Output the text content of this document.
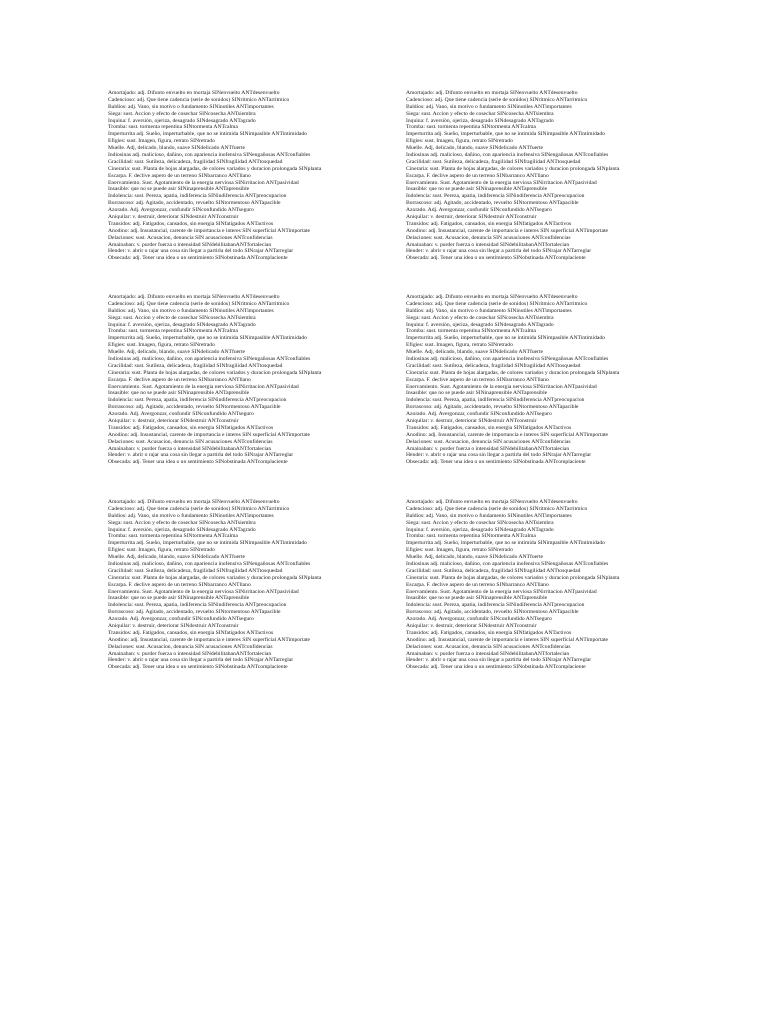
Amortajado: adj. Difunto envuelto en mortaja SINenvuelto ANTdesenvuelto
Cadencioso: adj. Que tiene cadencia (serie de sonidos) SINritmico ANTarritmico
Baldíos: adj. Vano, sin motivo o fundamento SINinutiles ANTimportantes
Siega: sust. Accion y efecto de cosechar SINcosecha ANTsiembra
Inquina: f. aversión, ojeriza, desagrado SINdesagrado ANTagrado
Tromba: sust. tormenta repentina SINtormenta ANTcalma
Imperturrita adj. Sueño, imperturbable, que no se intimida SINimpasible ANTintimidado
Efigies: sust. Imagen, figura, retrato SINretrado
Muelle. Adj, delicado, blando, suave SINdelicado ANTfuerte
Indiosinas adj. malicioso, dañino, con apariencia inofensiva SINengañosas ANTconfiables
Gracilidad: sust. Sutileza, delicadeza, fragilidad SINfragilidad ANTtosquedad
Cineraria: sust. Planta de hojas alargadas, de colores variados y duracion prolongada SINplanta
Escarpa. F. declive aspero de un terreno SINbarranco ANTllano
Enervamiento. Sust. Agotamiento de la energia nerviosa SINirritacion ANTpasividad
Insasible: que no se puede asir SINinaprensible ANTaprensible
Indolencia: sust. Pereza, apatia, indiferencia SINindiferencia ANTpreocupacion
Borrascoso: adj. Agitado, accidentado, revuelto SINtormentoso ANTapacible
Azorado. Adj. Avergonzar, confundir SINconfundido ANTseguro
Aniquilar: v. destruir, deteriorar SINdestruir ANTconstruir
Transidos: adj. Fatigados, cansados, sin energia SINfatigados ANTactivos
Anodino: adj. Insustancial, carente de importancia e interes SIN superficial ANTimportate
Delaciones: sust. Acusacion, denuncia SIN acusaciones ANTconfidencias
Amainaban: v. purder fuerza o intensidad SINdebilitabanANTfortalecian
Hender: v. abrir o rajar una cosa sin llegar a partirla del todo SINrajar ANTarreglar
Obsecada: adj. Tener una idea o un sentimiento SINobstinada ANTcomplaciente
Amortajado: adj. Difunto envuelto en mortaja SINenvuelto ANTdesenvuelto
Cadencioso: adj. Que tiene cadencia (serie de sonidos) SINritmico ANTarritmico
Baldíos: adj. Vano, sin motivo o fundamento SINinutiles ANTimportantes
Siega: sust. Accion y efecto de cosechar SINcosecha ANTsiembra
Inquina: f. aversión, ojeriza, desagrado SINdesagrado ANTagrado
Tromba: sust. tormenta repentina SINtormenta ANTcalma
Imperturrita adj. Sueño, imperturbable, que no se intimida SINimpasible ANTintimidado
Efigies: sust. Imagen, figura, retrato SINretrado
Muelle. Adj, delicado, blando, suave SINdelicado ANTfuerte
Indiosinas adj. malicioso, dañino, con apariencia inofensiva SINengañosas ANTconfiables
Gracilidad: sust. Sutileza, delicadeza, fragilidad SINfragilidad ANTtosquedad
Cineraria: sust. Planta de hojas alargadas, de colores variados y duracion prolongada SINplanta
Escarpa. F. declive aspero de un terreno SINbarranco ANTllano
Enervamiento. Sust. Agotamiento de la energia nerviosa SINirritacion ANTpasividad
Insasible: que no se puede asir SINinaprensible ANTaprensible
Indolencia: sust. Pereza, apatia, indiferencia SINindiferencia ANTpreocupacion
Borrascoso: adj. Agitado, accidentado, revuelto SINtormentoso ANTapacible
Azorado. Adj. Avergonzar, confundir SINconfundido ANTseguro
Aniquilar: v. destruir, deteriorar SINdestruir ANTconstruir
Transidos: adj. Fatigados, cansados, sin energia SINfatigados ANTactivos
Anodino: adj. Insustancial, carente de importancia e interes SIN superficial ANTimportate
Delaciones: sust. Acusacion, denuncia SIN acusaciones ANTconfidencias
Amainaban: v. purder fuerza o intensidad SINdebilitabanANTfortalecian
Hender: v. abrir o rajar una cosa sin llegar a partirla del todo SINrajar ANTarreglar
Obsecada: adj. Tener una idea o un sentimiento SINobstinada ANTcomplaciente
Amortajado: adj. Difunto envuelto en mortaja SINenvuelto ANTdesenvuelto
Cadencioso: adj. Que tiene cadencia (serie de sonidos) SINritmico ANTarritmico
Baldíos: adj. Vano, sin motivo o fundamento SINinutiles ANTimportantes
Siega: sust. Accion y efecto de cosechar SINcosecha ANTsiembra
Inquina: f. aversión, ojeriza, desagrado SINdesagrado ANTagrado
Tromba: sust. tormenta repentina SINtormenta ANTcalma
Imperturrita adj. Sueño, imperturbable, que no se intimida SINimpasible ANTintimidado
Efigies: sust. Imagen, figura, retrato SINretrado
Muelle. Adj, delicado, blando, suave SINdelicado ANTfuerte
Indiosinas adj. malicioso, dañino, con apariencia inofensiva SINengañosas ANTconfiables
Gracilidad: sust. Sutileza, delicadeza, fragilidad SINfragilidad ANTtosquedad
Cineraria: sust. Planta de hojas alargadas, de colores variados y duracion prolongada SINplanta
Escarpa. F. declive aspero de un terreno SINbarranco ANTllano
Enervamiento. Sust. Agotamiento de la energia nerviosa SINirritacion ANTpasividad
Insasible: que no se puede asir SINinaprensible ANTaprensible
Indolencia: sust. Pereza, apatia, indiferencia SINindiferencia ANTpreocupacion
Borrascoso: adj. Agitado, accidentado, revuelto SINtormentoso ANTapacible
Azorado. Adj. Avergonzar, confundir SINconfundido ANTseguro
Aniquilar: v. destruir, deteriorar SINdestruir ANTconstruir
Transidos: adj. Fatigados, cansados, sin energia SINfatigados ANTactivos
Anodino: adj. Insustancial, carente de importancia e interes SIN superficial ANTimportate
Delaciones: sust. Acusacion, denuncia SIN acusaciones ANTconfidencias
Amainaban: v. purder fuerza o intensidad SINdebilitabanANTfortalecian
Hender: v. abrir o rajar una cosa sin llegar a partirla del todo SINrajar ANTarreglar
Obsecada: adj. Tener una idea o un sentimiento SINobstinada ANTcomplaciente
Amortajado: adj. Difunto envuelto en mortaja SINenvuelto ANTdesenvuelto
Cadencioso: adj. Que tiene cadencia (serie de sonidos) SINritmico ANTarritmico
Baldíos: adj. Vano, sin motivo o fundamento SINinutiles ANTimportantes
Siega: sust. Accion y efecto de cosechar SINcosecha ANTsiembra
Inquina: f. aversión, ojeriza, desagrado SINdesagrado ANTagrado
Tromba: sust. tormenta repentina SINtormenta ANTcalma
Imperturrita adj. Sueño, imperturbable, que no se intimida SINimpasible ANTintimidado
Efigies: sust. Imagen, figura, retrato SINretrado
Muelle. Adj, delicado, blando, suave SINdelicado ANTfuerte
Indiosinas adj. malicioso, dañino, con apariencia inofensiva SINengañosas ANTconfiables
Gracilidad: sust. Sutileza, delicadeza, fragilidad SINfragilidad ANTtosquedad
Cineraria: sust. Planta de hojas alargadas, de colores variados y duracion prolongada SINplanta
Escarpa. F. declive aspero de un terreno SINbarranco ANTllano
Enervamiento. Sust. Agotamiento de la energia nerviosa SINirritacion ANTpasividad
Insasible: que no se puede asir SINinaprensible ANTaprensible
Indolencia: sust. Pereza, apatia, indiferencia SINindiferencia ANTpreocupacion
Borrascoso: adj. Agitado, accidentado, revuelto SINtormentoso ANTapacible
Azorado. Adj. Avergonzar, confundir SINconfundido ANTseguro
Aniquilar: v. destruir, deteriorar SINdestruir ANTconstruir
Transidos: adj. Fatigados, cansados, sin energia SINfatigados ANTactivos
Anodino: adj. Insustancial, carente de importancia e interes SIN superficial ANTimportate
Delaciones: sust. Acusacion, denuncia SIN acusaciones ANTconfidencias
Amainaban: v. purder fuerza o intensidad SINdebilitabanANTfortalecian
Hender: v. abrir o rajar una cosa sin llegar a partirla del todo SINrajar ANTarreglar
Obsecada: adj. Tener una idea o un sentimiento SINobstinada ANTcomplaciente
Amortajado: adj. Difunto envuelto en mortaja SINenvuelto ANTdesenvuelto
Cadencioso: adj. Que tiene cadencia (serie de sonidos) SINritmico ANTarritmico
Baldíos: adj. Vano, sin motivo o fundamento SINinutiles ANTimportantes
Siega: sust. Accion y efecto de cosechar SINcosecha ANTsiembra
Inquina: f. aversión, ojeriza, desagrado SINdesagrado ANTagrado
Tromba: sust. tormenta repentina SINtormenta ANTcalma
Imperturrita adj. Sueño, imperturbable, que no se intimida SINimpasible ANTintimidado
Efigies: sust. Imagen, figura, retrato SINretrado
Muelle. Adj, delicado, blando, suave SINdelicado ANTfuerte
Indiosinas adj. malicioso, dañino, con apariencia inofensiva SINengañosas ANTconfiables
Gracilidad: sust. Sutileza, delicadeza, fragilidad SINfragilidad ANTtosquedad
Cineraria: sust. Planta de hojas alargadas, de colores variados y duracion prolongada SINplanta
Escarpa. F. declive aspero de un terreno SINbarranco ANTllano
Enervamiento. Sust. Agotamiento de la energia nerviosa SINirritacion ANTpasividad
Insasible: que no se puede asir SINinaprensible ANTaprensible
Indolencia: sust. Pereza, apatia, indiferencia SINindiferencia ANTpreocupacion
Borrascoso: adj. Agitado, accidentado, revuelto SINtormentoso ANTapacible
Azorado. Adj. Avergonzar, confundir SINconfundido ANTseguro
Aniquilar: v. destruir, deteriorar SINdestruir ANTconstruir
Transidos: adj. Fatigados, cansados, sin energia SINfatigados ANTactivos
Anodino: adj. Insustancial, carente de importancia e interes SIN superficial ANTimportate
Delaciones: sust. Acusacion, denuncia SIN acusaciones ANTconfidencias
Amainaban: v. purder fuerza o intensidad SINdebilitabanANTfortalecian
Hender: v. abrir o rajar una cosa sin llegar a partirla del todo SINrajar ANTarreglar
Obsecada: adj. Tener una idea o un sentimiento SINobstinada ANTcomplaciente
Amortajado: adj. Difunto envuelto en mortaja SINenvuelto ANTdesenvuelto
Cadencioso: adj. Que tiene cadencia (serie de sonidos) SINritmico ANTarritmico
Baldíos: adj. Vano, sin motivo o fundamento SINinutiles ANTimportantes
Siega: sust. Accion y efecto de cosechar SINcosecha ANTsiembra
Inquina: f. aversión, ojeriza, desagrado SINdesagrado ANTagrado
Tromba: sust. tormenta repentina SINtormenta ANTcalma
Imperturrita adj. Sueño, imperturbable, que no se intimida SINimpasible ANTintimidado
Efigies: sust. Imagen, figura, retrato SINretrado
Muelle. Adj, delicado, blando, suave SINdelicado ANTfuerte
Indiosinas adj. malicioso, dañino, con apariencia inofensiva SINengañosas ANTconfiables
Gracilidad: sust. Sutileza, delicadeza, fragilidad SINfragilidad ANTtosquedad
Cineraria: sust. Planta de hojas alargadas, de colores variados y duracion prolongada SINplanta
Escarpa. F. declive aspero de un terreno SINbarranco ANTllano
Enervamiento. Sust. Agotamiento de la energia nerviosa SINirritacion ANTpasividad
Insasible: que no se puede asir SINinaprensible ANTaprensible
Indolencia: sust. Pereza, apatia, indiferencia SINindiferencia ANTpreocupacion
Borrascoso: adj. Agitado, accidentado, revuelto SINtormentoso ANTapacible
Azorado. Adj. Avergonzar, confundir SINconfundido ANTseguro
Aniquilar: v. destruir, deteriorar SINdestruir ANTconstruir
Transidos: adj. Fatigados, cansados, sin energia SINfatigados ANTactivos
Anodino: adj. Insustancial, carente de importancia e interes SIN superficial ANTimportate
Delaciones: sust. Acusacion, denuncia SIN acusaciones ANTconfidencias
Amainaban: v. purder fuerza o intensidad SINdebilitabanANTfortalecian
Hender: v. abrir o rajar una cosa sin llegar a partirla del todo SINrajar ANTarreglar
Obsecada: adj. Tener una idea o un sentimiento SINobstinada ANTcomplaciente
